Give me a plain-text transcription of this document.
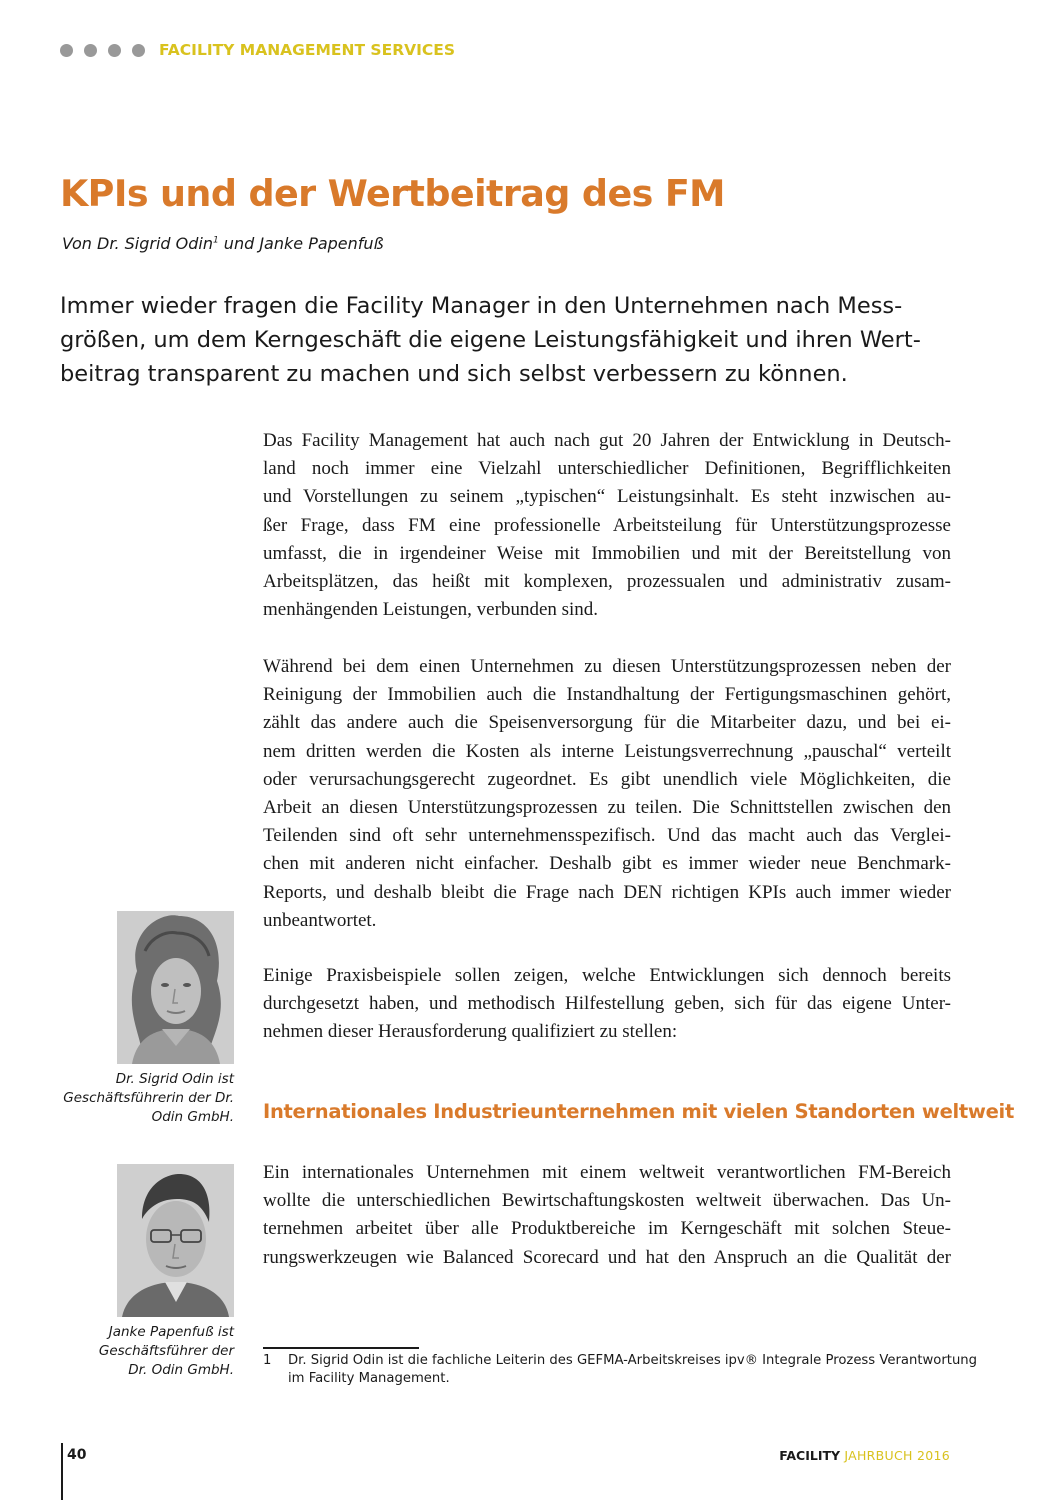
FACILITY MANAGEMENT SERVICES
KPIs und der Wertbeitrag des FM
Von Dr. Sigrid Odin$^1$ und Janke Papenfuß

Immer wieder fragen die Facility Manager in den Unternehmen nach Mess-
größen, um dem Kerngeschäft die eigene Leistungsfähigkeit und ihren Wert-
beitrag transparent zu machen und sich selbst verbessern zu können.

Das Facility Management hat auch nach gut 20 Jahren der Entwicklung in Deutsch-
land noch immer eine Vielzahl unterschiedlicher Definitionen, Begrifflichkeiten
und Vorstellungen zu seinem „typischen“ Leistungsinhalt. Es steht inzwischen au-
ßer Frage, dass FM eine professionelle Arbeitsteilung für Unterstützungsprozesse
umfasst, die in irgendeiner Weise mit Immobilien und mit der Bereitstellung von
Arbeitsplätzen, das heißt mit komplexen, prozessualen und administrativ zusam-
menhängenden Leistungen, verbunden sind.

Während bei dem einen Unternehmen zu diesen Unterstützungsprozessen neben der
Reinigung der Immobilien auch die Instandhaltung der Fertigungsmaschinen gehört,
zählt das andere auch die Speisenversorgung für die Mitarbeiter dazu, und bei ei-
nem dritten werden die Kosten als interne Leistungsverrechnung „pauschal“ verteilt
oder verursachungsgerecht zugeordnet. Es gibt unendlich viele Möglichkeiten, die
Arbeit an diesen Unterstützungsprozessen zu teilen. Die Schnittstellen zwischen den
Teilenden sind oft sehr unternehmensspezifisch. Und das macht auch das Verglei-
chen mit anderen nicht einfacher. Deshalb gibt es immer wieder neue Benchmark-
Reports, und deshalb bleibt die Frage nach DEN richtigen KPIs auch immer wieder
unbeantwortet.

Einige Praxisbeispiele sollen zeigen, welche Entwicklungen sich dennoch bereits
durchgesetzt haben, und methodisch Hilfestellung geben, sich für das eigene Unter-
nehmen dieser Herausforderung qualifiziert zu stellen:

Internationales Industrieunternehmen mit vielen Standorten weltweit

Ein internationales Unternehmen mit einem weltweit verantwortlichen FM-Bereich
wollte die unterschiedlichen Bewirtschaftungskosten weltweit überwachen. Das Un-
ternehmen arbeitet über alle Produktbereiche im Kerngeschäft mit solchen Steue-
rungswerkzeugen wie Balanced Scorecard und hat den Anspruch an die Qualität der

Dr. Sigrid Odin ist
Geschäftsführerin der Dr.
Odin GmbH.
Janke Papenfuß ist
Geschäftsführer der
Dr. Odin GmbH.
1 Dr. Sigrid Odin ist die fachliche Leiterin des GEFMA-Arbeitskreises ipv® Integrale Prozess Verantwortung
im Facility Management.
40	FACILITY JAHRBUCH 2016
